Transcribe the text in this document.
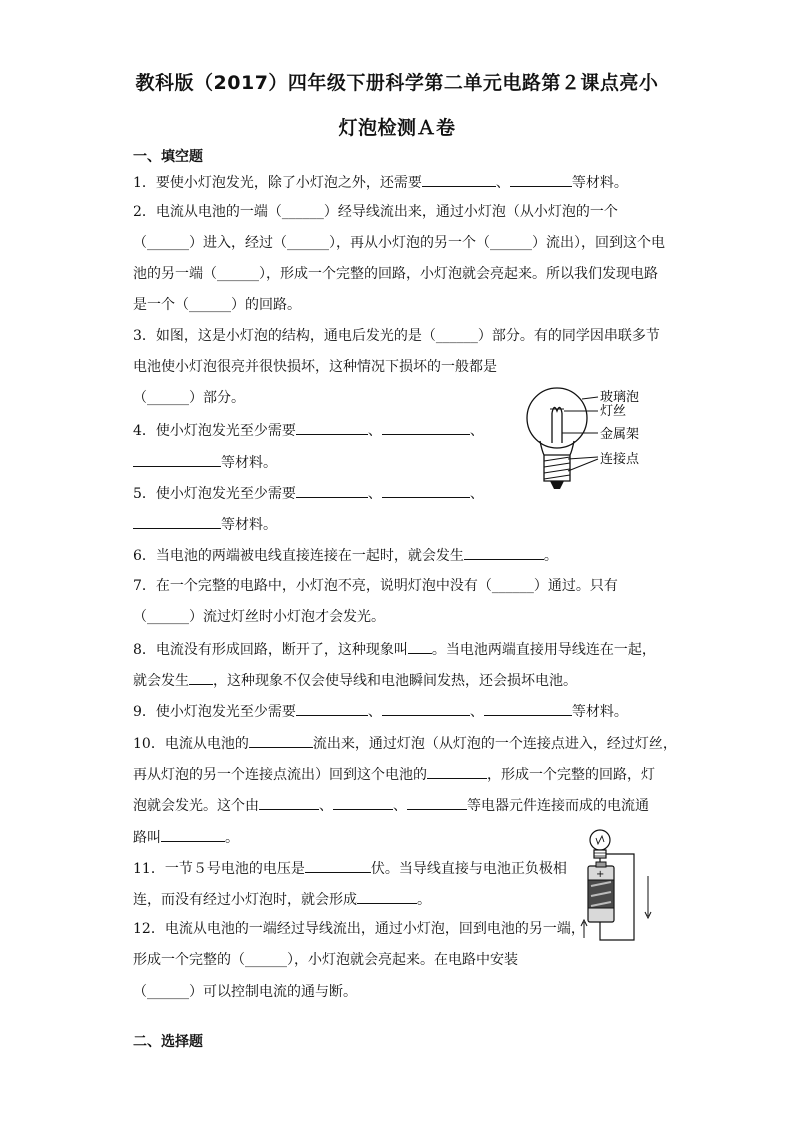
教科版（2017）四年级下册科学第二单元电路第２课点亮小
灯泡检测Ａ卷
一、填空题
1．要使小灯泡发光，除了小灯泡之外，还需要	、	等材料。
2．电流从电池的一端（______）经导线流出来，通过小灯泡（从小灯泡的一个
（______）进入，经过（______），再从小灯泡的另一个（______）流出），回到这个电
池的另一端（______），形成一个完整的回路，小灯泡就会亮起来。所以我们发现电路
是一个（______）的回路。
3．如图，这是小灯泡的结构，通电后发光的是（______）部分。有的同学因串联多节
电池使小灯泡很亮并很快损坏，这种情况下损坏的一般都是
（______）部分。	玻璃泡
灯丝
金属架
连接点
4．使小灯泡发光至少需要	、	、
等材料。
5．使小灯泡发光至少需要	、	、
等材料。
6．当电池的两端被电线直接连接在一起时，就会发生	。
7．在一个完整的电路中，小灯泡不亮，说明灯泡中没有（______）通过。只有
（______）流过灯丝时小灯泡才会发光。
8．电流没有形成回路，断开了，这种现象叫 。当电池两端直接用导线连在一起，
就会发生 ，这种现象不仅会使导线和电池瞬间发热，还会损坏电池。
9．使小灯泡发光至少需要	、	、	等材料。
10．电流从电池的	流出来，通过灯泡（从灯泡的一个连接点进入，经过灯丝，
再从灯泡的另一个连接点流出）回到这个电池的	，形成一个完整的回路，灯
泡就会发光。这个由	、	、	等电器元件连接而成的电流通
路叫	。
11．一节５号电池的电压是	伏。当导线直接与电池正负极相
连，而没有经过小灯泡时，就会形成	。
+
12．电流从电池的一端经过导线流出，通过小灯泡，回到电池的另一端，
形成一个完整的（______），小灯泡就会亮起来。在电路中安装
（______）可以控制电流的通与断。
二、选择题
